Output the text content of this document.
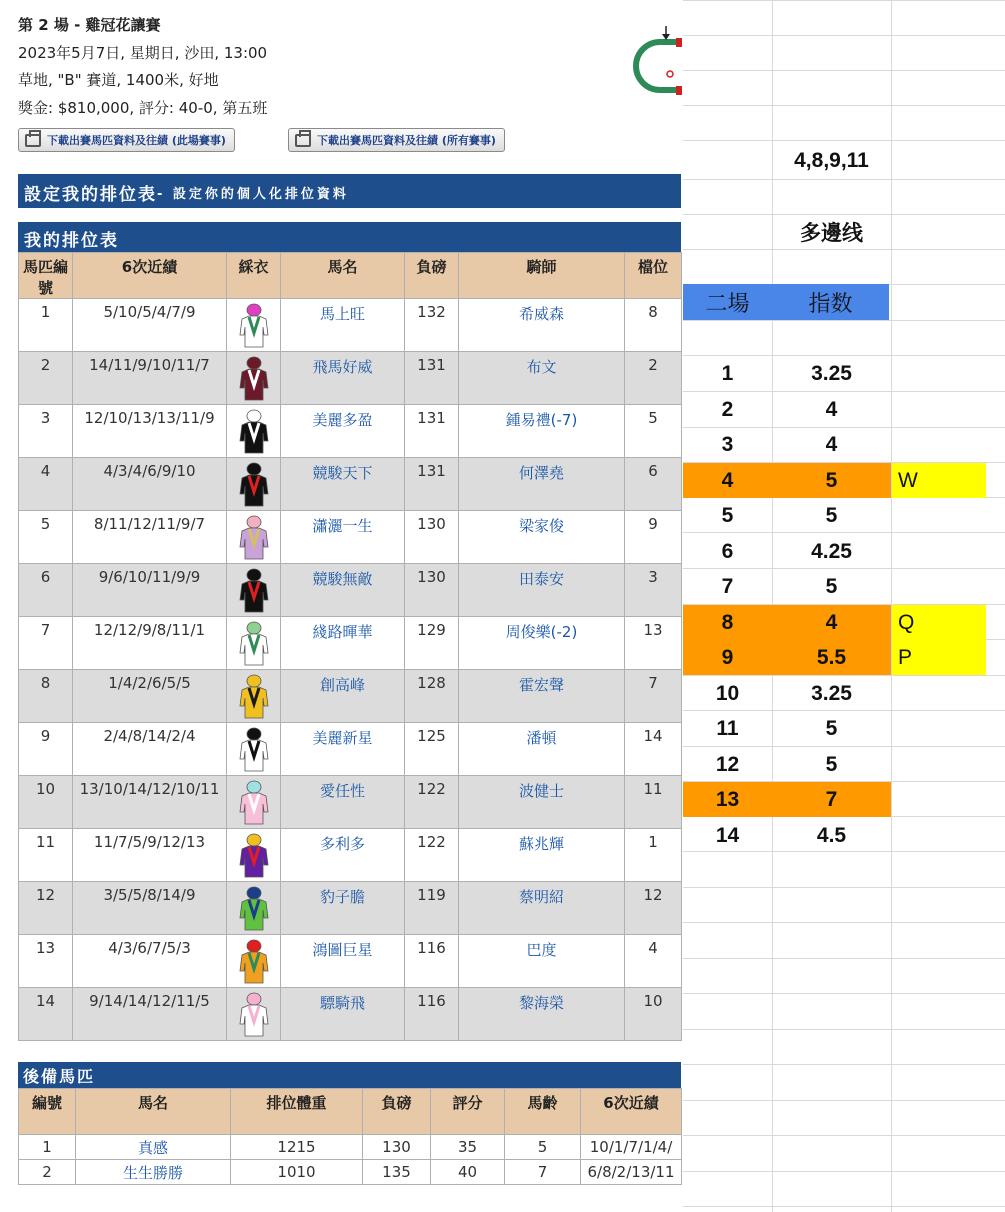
第 2 場 - 雞冠花讓賽
2023年5月7日, 星期日, 沙田, 13:00
草地, "B" 賽道, 1400米, 好地
獎金: $810,000, 評分: 40-0, 第五班
下載出賽馬匹資料及往績 (此場賽事)	下載出賽馬匹資料及往績 (所有賽事)
設定我的排位表 - 設定你的個人化排位資料
我的排位表
馬匹編號	6次近績	綵衣	馬名	負磅	騎師	檔位
1	5/10/5/4/7/9		馬上旺	132	希威森	8
2	14/11/9/10/11/7		飛馬好威	131	布文	2
3	12/10/13/13/11/9		美麗多盈	131	鍾易禮(-7)	5
4	4/3/4/6/9/10		競駿天下	131	何澤堯	6
5	8/11/12/11/9/7		瀟灑一生	130	梁家俊	9
6	9/6/10/11/9/9		競駿無敵	130	田泰安	3
7	12/12/9/8/11/1		綫路暉華	129	周俊樂(-2)	13
8	1/4/2/6/5/5		創高峰	128	霍宏聲	7
9	2/4/8/14/2/4		美麗新星	125	潘頓	14
10	13/10/14/12/10/11		愛任性	122	波健士	11
11	11/7/5/9/12/13		多利多	122	蘇兆輝	1
12	3/5/5/8/14/9		豹子膽	119	蔡明紹	12
13	4/3/6/7/5/3		鴻圖巨星	116	巴度	4
14	9/14/14/12/11/5		驃騎飛	116	黎海榮	10
後備馬匹
編號	馬名	排位體重	負磅	評分	馬齡	6次近績
1	真感	1215	130	35	5	10/1/7/1/4/
2	生生勝勝	1010	135	40	7	6/8/2/13/11
4,8,9,11
多邊线
二場	指数
1	3.25
2	4
3	4
4	5	W
5	5
6	4.25
7	5
8	4	Q
9	5.5	P
10	3.25
11	5
12	5
13	7
14	4.5
